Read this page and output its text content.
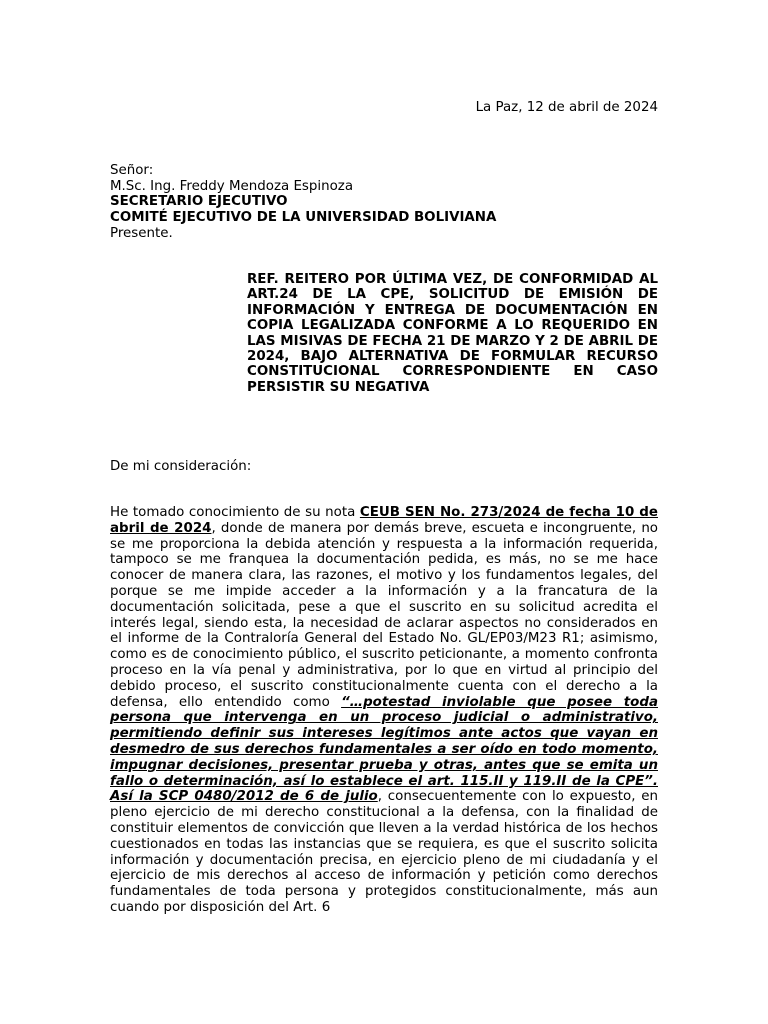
La Paz, 12 de abril de 2024
Señor:
M.Sc. Ing. Freddy Mendoza Espinoza
SECRETARIO EJECUTIVO
COMITÉ EJECUTIVO DE LA UNIVERSIDAD BOLIVIANA
Presente.
REF. REITERO POR ÚLTIMA VEZ, DE CONFORMIDAD AL ART.24 DE LA CPE, SOLICITUD DE EMISIÓN DE INFORMACIÓN Y ENTREGA DE DOCUMENTACIÓN EN COPIA LEGALIZADA CONFORME A LO REQUERIDO EN LAS MISIVAS DE FECHA 21 DE MARZO Y 2 DE ABRIL DE 2024, BAJO ALTERNATIVA DE FORMULAR RECURSO CONSTITUCIONAL CORRESPONDIENTE EN CASO PERSISTIR SU NEGATIVA
De mi consideración:
He tomado conocimiento de su nota CEUB SEN No. 273/2024 de fecha 10 de abril de 2024, donde de manera por demás breve, escueta e incongruente, no se me proporciona la debida atención y respuesta a la información requerida, tampoco se me franquea la documentación pedida, es más, no se me hace conocer de manera clara, las razones, el motivo y los fundamentos legales, del porque se me impide acceder a la información y a la francatura de la documentación solicitada, pese a que el suscrito en su solicitud acredita el interés legal, siendo esta, la necesidad de aclarar aspectos no considerados en el informe de la Contraloría General del Estado No. GL/EP03/M23 R1; asimismo, como es de conocimiento público, el suscrito peticionante, a momento confronta proceso en la vía penal y administrativa, por lo que en virtud al principio del debido proceso, el suscrito constitucionalmente cuenta con el derecho a la defensa, ello entendido como “…potestad inviolable que posee toda persona que intervenga en un proceso judicial o administrativo, permitiendo definir sus intereses legítimos ante actos que vayan en desmedro de sus derechos fundamentales a ser oído en todo momento, impugnar decisiones, presentar prueba y otras, antes que se emita un fallo o determinación, así lo establece el art. 115.II y 119.II de la CPE”. Así la SCP 0480/2012 de 6 de julio, consecuentemente con lo expuesto, en pleno ejercicio de mi derecho constitucional a la defensa, con la finalidad de constituir elementos de convicción que lleven a la verdad histórica de los hechos cuestionados en todas las instancias que se requiera, es que el suscrito solicita información y documentación precisa, en ejercicio pleno de mi ciudadanía y el ejercicio de mis derechos al acceso de información y petición como derechos fundamentales de toda persona y protegidos constitucionalmente, más aun cuando por disposición del Art. 6
